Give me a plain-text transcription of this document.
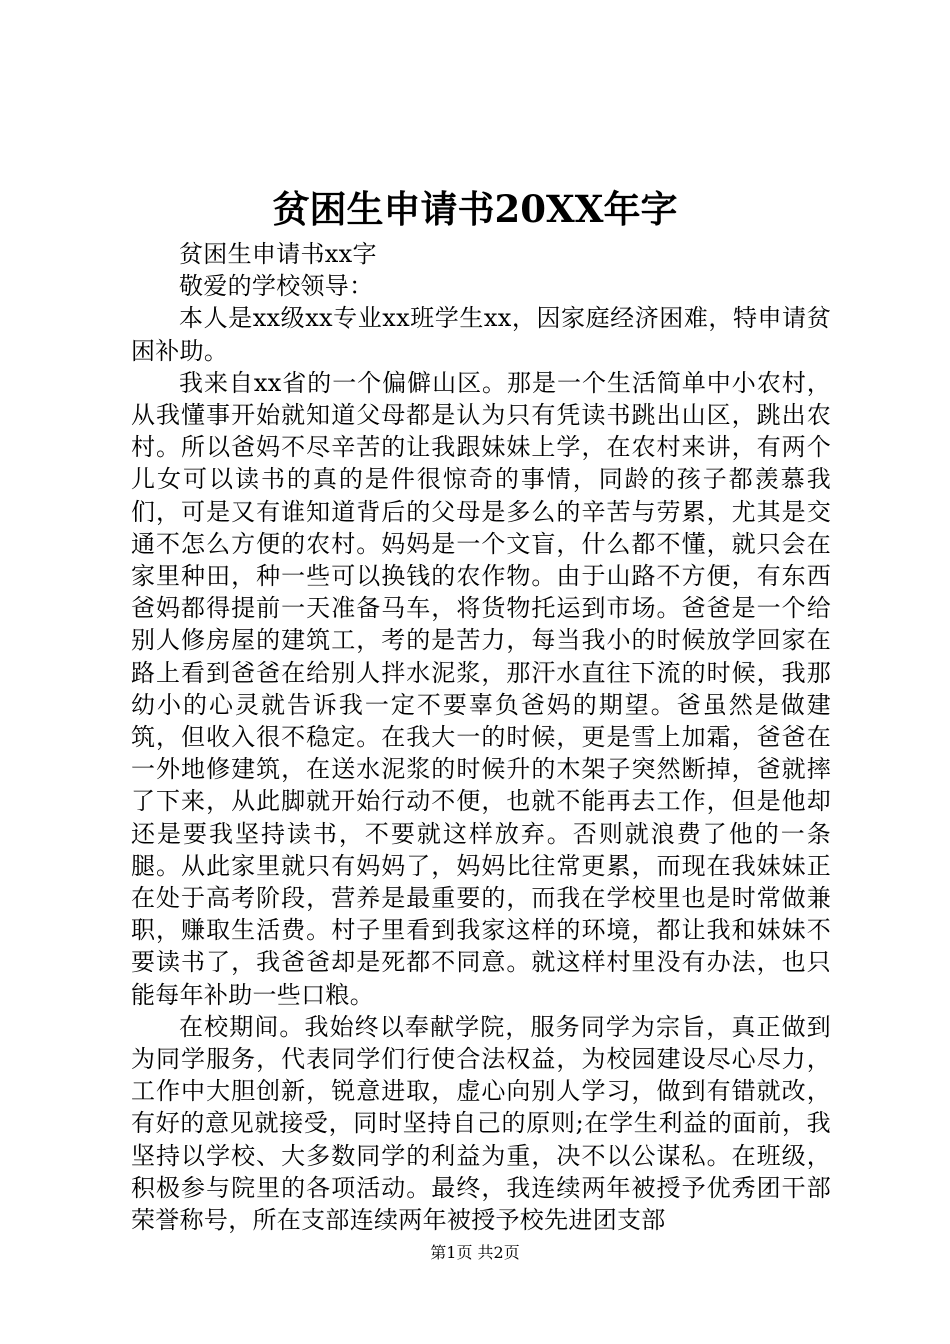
贫困生申请书20XX年字

贫困生申请书xx字

敬爱的学校领导：

本人是xx级xx专业xx班学生xx，因家庭经济困难，特申请贫困补助。

我来自xx省的一个偏僻山区。那是一个生活简单中小农村，从我懂事开始就知道父母都是认为只有凭读书跳出山区，跳出农村。所以爸妈不尽辛苦的让我跟妹妹上学，在农村来讲，有两个儿女可以读书的真的是件很惊奇的事情，同龄的孩子都羡慕我们，可是又有谁知道背后的父母是多么的辛苦与劳累，尤其是交通不怎么方便的农村。妈妈是一个文盲，什么都不懂，就只会在家里种田，种一些可以换钱的农作物。由于山路不方便，有东西爸妈都得提前一天准备马车，将货物托运到市场。爸爸是一个给别人修房屋的建筑工，考的是苦力，每当我小的时候放学回家在路上看到爸爸在给别人拌水泥浆，那汗水直往下流的时候，我那幼小的心灵就告诉我一定不要辜负爸妈的期望。爸虽然是做建筑，但收入很不稳定。在我大一的时候，更是雪上加霜，爸爸在一外地修建筑，在送水泥浆的时候升的木架子突然断掉，爸就摔了下来，从此脚就开始行动不便，也就不能再去工作，但是他却还是要我坚持读书，不要就这样放弃。否则就浪费了他的一条腿。从此家里就只有妈妈了，妈妈比往常更累，而现在我妹妹正在处于高考阶段，营养是最重要的，而我在学校里也是时常做兼职，赚取生活费。村子里看到我家这样的环境，都让我和妹妹不要读书了，我爸爸却是死都不同意。就这样村里没有办法，也只能每年补助一些口粮。

在校期间。我始终以奉献学院，服务同学为宗旨，真正做到为同学服务，代表同学们行使合法权益，为校园建设尽心尽力，工作中大胆创新，锐意进取，虚心向别人学习，做到有错就改，有好的意见就接受，同时坚持自己的原则;在学生利益的面前，我坚持以学校、大多数同学的利益为重，决不以公谋私。在班级，积极参与院里的各项活动。最终，我连续两年被授予优秀团干部荣誉称号，所在支部连续两年被授予校先进团支部

第1页 共2页
